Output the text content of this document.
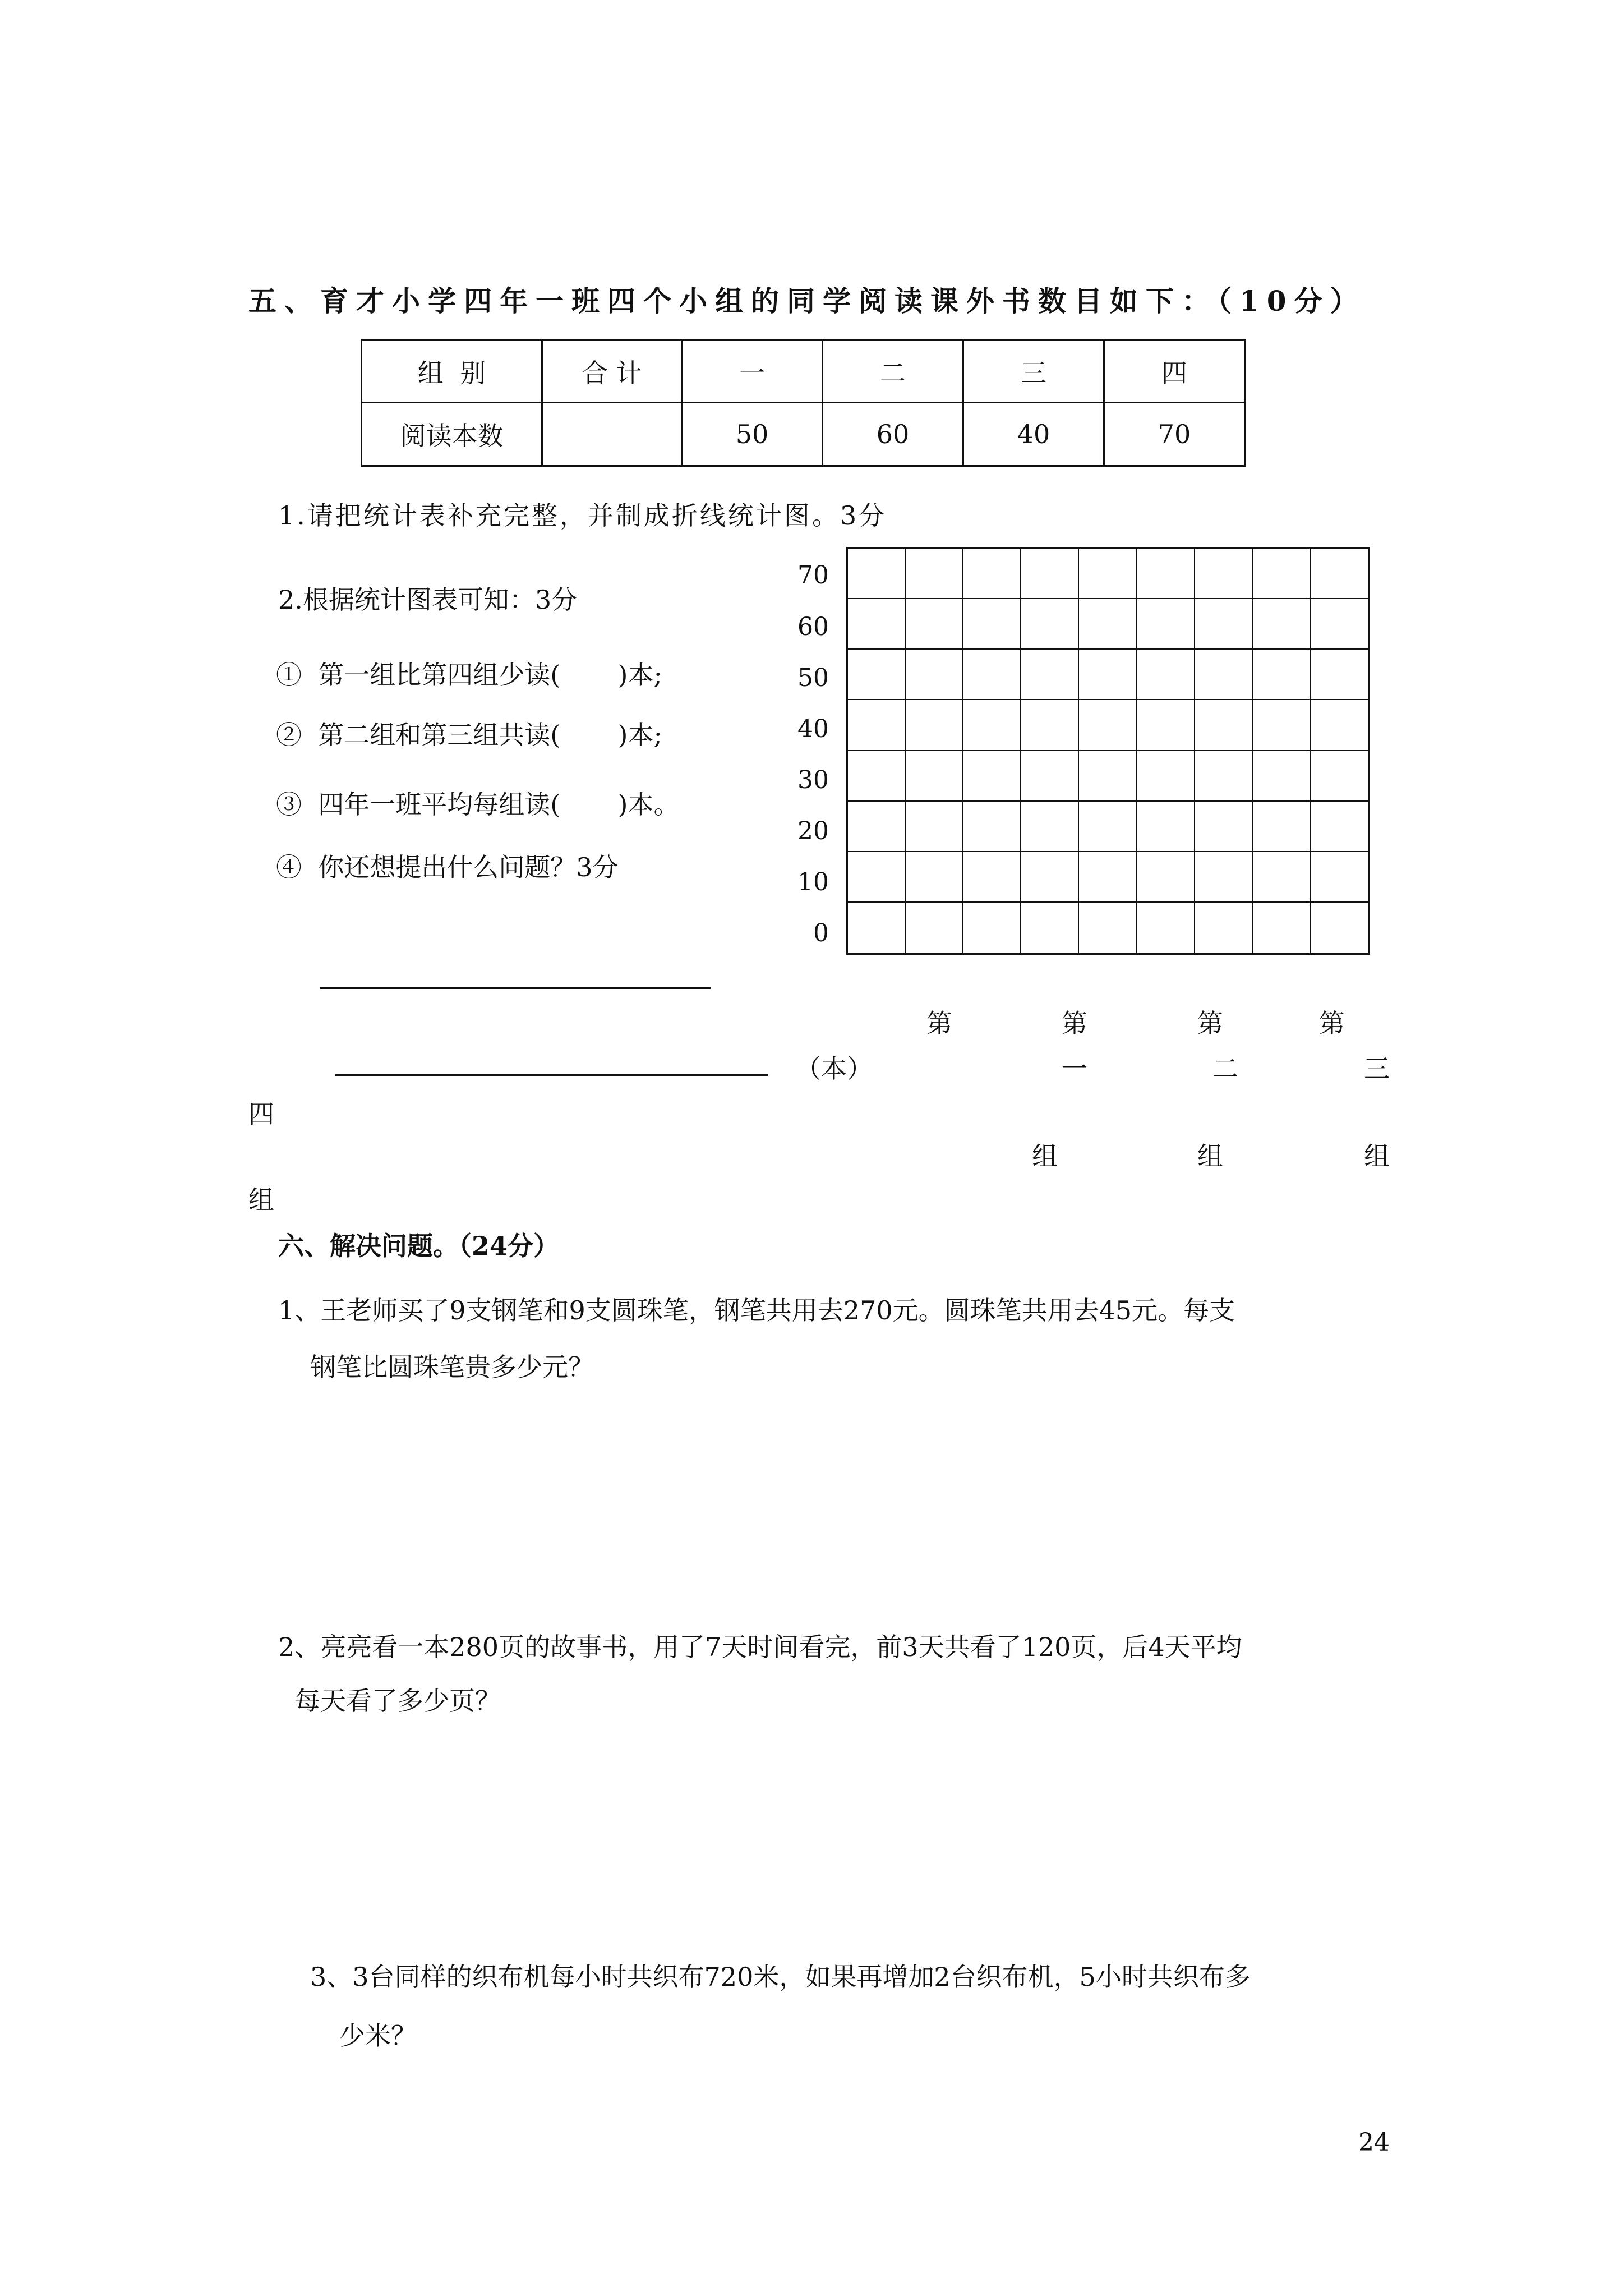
五、育才小学四年一班四个小组的同学阅读课外书数目如下：（10分）
组  别	合 计	一	二	三	四
阅读本数		50	60	40	70
1.请把统计表补充完整，并制成折线统计图。3分
2.根据统计图表可知：3分
①  第一组比第四组少读(       )本;
②  第二组和第三组共读(       )本;
③  四年一班平均每组读(       )本。
④  你还想提出什么问题？3分
70
60
50
40
30
20
10
0
第	第	第	第
（本）	一	二	三
四
组	组	组
组
六、解决问题。（24分）
1、王老师买了9支钢笔和9支圆珠笔，钢笔共用去270元。圆珠笔共用去45元。每支
钢笔比圆珠笔贵多少元？
2、亮亮看一本280页的故事书，用了7天时间看完，前3天共看了120页，后4天平均
每天看了多少页？
3、3台同样的织布机每小时共织布720米，如果再增加2台织布机，5小时共织布多
少米？
24
